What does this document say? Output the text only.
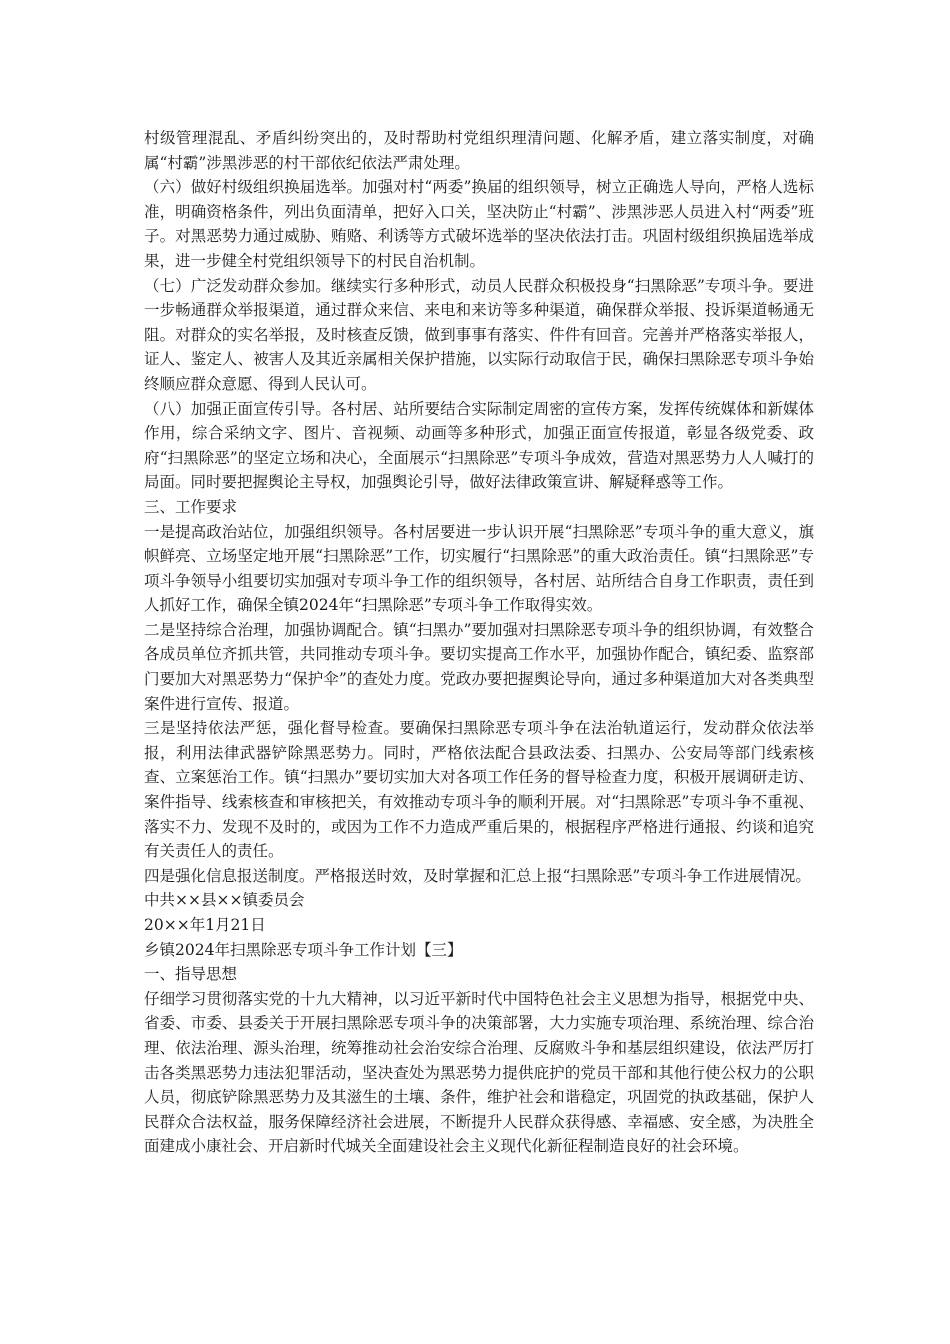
村级管理混乱、矛盾纠纷突出的，及时帮助村党组织理清问题、化解矛盾，建立落实制度，对确属“村霸”涉黑涉恶的村干部依纪依法严肃处理。

（六）做好村级组织换届选举。加强对村“两委”换届的组织领导，树立正确选人导向，严格人选标准，明确资格条件，列出负面清单，把好入口关，坚决防止“村霸”、涉黑涉恶人员进入村“两委”班子。对黑恶势力通过威胁、贿赂、利诱等方式破坏选举的坚决依法打击。巩固村级组织换届选举成果，进一步健全村党组织领导下的村民自治机制。

（七）广泛发动群众参加。继续实行多种形式，动员人民群众积极投身“扫黑除恶”专项斗争。要进一步畅通群众举报渠道，通过群众来信、来电和来访等多种渠道，确保群众举报、投诉渠道畅通无阻。对群众的实名举报，及时核查反馈，做到事事有落实、件件有回音。完善并严格落实举报人，证人、鉴定人、被害人及其近亲属相关保护措施，以实际行动取信于民，确保扫黑除恶专项斗争始终顺应群众意愿、得到人民认可。

（八）加强正面宣传引导。各村居、站所要结合实际制定周密的宣传方案，发挥传统媒体和新媒体作用，综合采纳文字、图片、音视频、动画等多种形式，加强正面宣传报道，彰显各级党委、政府“扫黑除恶”的坚定立场和决心，全面展示“扫黑除恶”专项斗争成效，营造对黑恶势力人人喊打的局面。同时要把握舆论主导权，加强舆论引导，做好法律政策宣讲、解疑释惑等工作。

三、工作要求

一是提高政治站位，加强组织领导。各村居要进一步认识开展“扫黑除恶”专项斗争的重大意义，旗帜鲜亮、立场坚定地开展“扫黑除恶”工作，切实履行“扫黑除恶”的重大政治责任。镇“扫黑除恶”专项斗争领导小组要切实加强对专项斗争工作的组织领导，各村居、站所结合自身工作职责，责任到人抓好工作，确保全镇2024年“扫黑除恶”专项斗争工作取得实效。

二是坚持综合治理，加强协调配合。镇“扫黑办”要加强对扫黑除恶专项斗争的组织协调，有效整合各成员单位齐抓共管，共同推动专项斗争。要切实提高工作水平，加强协作配合，镇纪委、监察部门要加大对黑恶势力“保护伞”的查处力度。党政办要把握舆论导向，通过多种渠道加大对各类典型案件进行宣传、报道。

三是坚持依法严惩，强化督导检查。要确保扫黑除恶专项斗争在法治轨道运行，发动群众依法举报，利用法律武器铲除黑恶势力。同时，严格依法配合县政法委、扫黑办、公安局等部门线索核查、立案惩治工作。镇“扫黑办”要切实加大对各项工作任务的督导检查力度，积极开展调研走访、案件指导、线索核查和审核把关，有效推动专项斗争的顺利开展。对“扫黑除恶”专项斗争不重视、落实不力、发现不及时的，或因为工作不力造成严重后果的，根据程序严格进行通报、约谈和追究有关责任人的责任。

四是强化信息报送制度。严格报送时效，及时掌握和汇总上报“扫黑除恶”专项斗争工作进展情况。

中共××县××镇委员会

20××年1月21日

乡镇2024年扫黑除恶专项斗争工作计划【三】

一、指导思想

仔细学习贯彻落实党的十九大精神，以习近平新时代中国特色社会主义思想为指导，根据党中央、省委、市委、县委关于开展扫黑除恶专项斗争的决策部署，大力实施专项治理、系统治理、综合治理、依法治理、源头治理，统筹推动社会治安综合治理、反腐败斗争和基层组织建设，依法严厉打击各类黑恶势力违法犯罪活动，坚决查处为黑恶势力提供庇护的党员干部和其他行使公权力的公职人员，彻底铲除黑恶势力及其滋生的土壤、条件，维护社会和谐稳定，巩固党的执政基础，保护人民群众合法权益，服务保障经济社会进展，不断提升人民群众获得感、幸福感、安全感，为决胜全面建成小康社会、开启新时代城关全面建设社会主义现代化新征程制造良好的社会环境。
